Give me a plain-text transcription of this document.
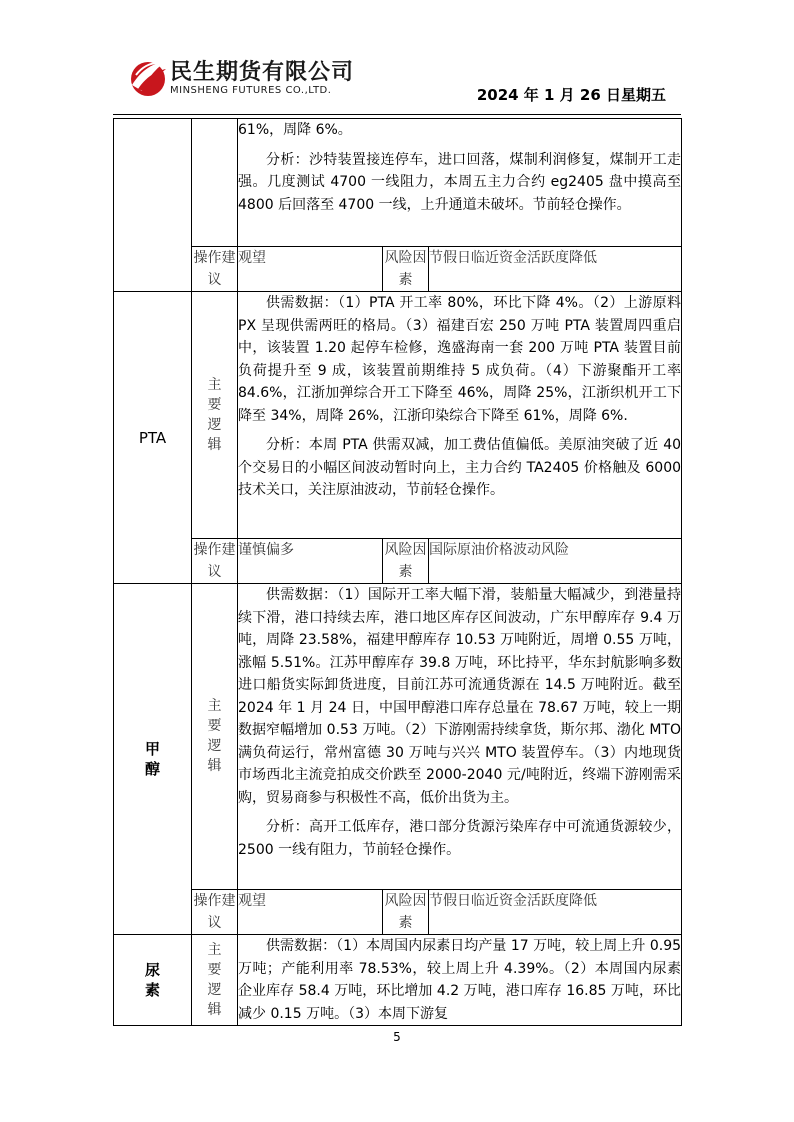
民生期货有限公司
MINSHENG FUTURES CO.,LTD.	2024 年 1 月 26 日星期五

		61%，周降 6%。

分析：沙特装置接连停车，进口回落，煤制利润修复，煤制开工走强。几度测试 4700 一线阻力，本周五主力合约 eg2405 盘中摸高至 4800 后回落至 4700 一线，上升通道未破坏。节前轻仓操作。		

	操作建议	观望	风险因素	节假日临近资金活跃度降低
PTA	主要逻辑	供需数据：（1）PTA 开工率 80%，环比下降 4%。（2）上游原料 PX 呈现供需两旺的格局。（3）福建百宏 250 万吨 PTA 装置周四重启中，该装置 1.20 起停车检修，逸盛海南一套 200 万吨 PTA 装置目前负荷提升至 9 成，该装置前期维持 5 成负荷。（4）下游聚酯开工率 84.6%，江浙加弹综合开工下降至 46%，周降 25%，江浙织机开工下降至 34%，周降 26%，江浙印染综合下降至 61%，周降 6%.

分析：本周 PTA 供需双减，加工费估值偏低。美原油突破了近 40 个交易日的小幅区间波动暂时向上，主力合约 TA2405 价格触及 6000 技术关口，关注原油波动，节前轻仓操作。		

	操作建议	谨慎偏多	风险因素	国际原油价格波动风险
甲醇	主要逻辑	供需数据：（1）国际开工率大幅下滑，装船量大幅减少，到港量持续下滑，港口持续去库，港口地区库存区间波动，广东甲醇库存 9.4 万吨，周降 23.58%，福建甲醇库存 10.53 万吨附近，周增 0.55 万吨，涨幅 5.51%。江苏甲醇库存 39.8 万吨，环比持平，华东封航影响多数进口船货实际卸货进度，目前江苏可流通货源在 14.5 万吨附近。截至 2024 年 1 月 24 日，中国甲醇港口库存总量在 78.67 万吨，较上一期数据窄幅增加 0.53 万吨。（2）下游刚需持续拿货，斯尔邦、渤化 MTO 满负荷运行，常州富德 30 万吨与兴兴 MTO 装置停车。（3）内地现货市场西北主流竞拍成交价跌至 2000-2040 元/吨附近，终端下游刚需采购，贸易商参与积极性不高，低价出货为主。

分析：高开工低库存，港口部分货源污染库存中可流通货源较少，2500 一线有阻力，节前轻仓操作。		

	操作建议	观望	风险因素	节假日临近资金活跃度降低
尿素	主要逻辑	供需数据：（1）本周国内尿素日均产量 17 万吨，较上周上升 0.95 万吨；产能利用率 78.53%，较上周上升 4.39%。（2）本周国内尿素企业库存 58.4 万吨，环比增加 4.2 万吨，港口库存 16.85 万吨，环比减少 0.15 万吨。（3）本周下游复		

5
